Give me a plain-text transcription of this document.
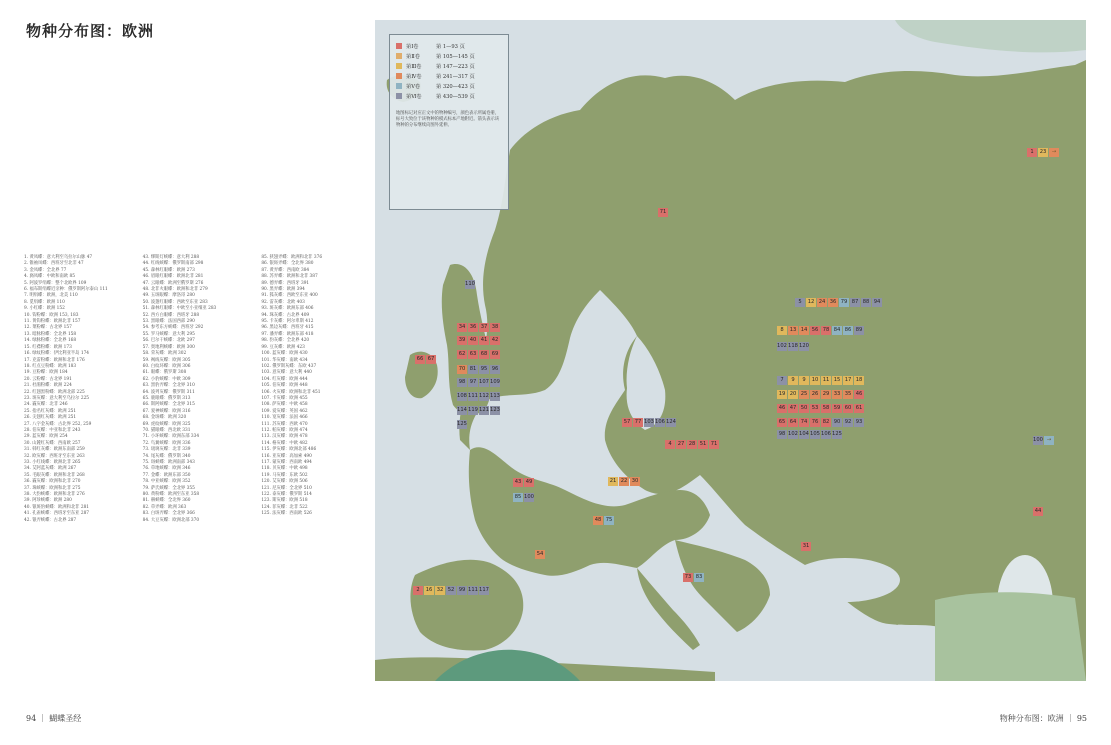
物种分布图：欧洲
1. 黄凤蝶：意大利至乌拉尔山脉 47
2. 锥袖凤蝶：西班牙至北非 47
3. 金凤蝶：全北界 77
4. 旖凤蝶：中欧和南欧 85
5. 阿波罗绢蝶：整个北欧界 109
6. 福布斯绢蝶近亲种：俄罗斯阿尔泰山 111
7. 明绢蝶：欧洲，北美 110
8. 觅绢蝶：欧洲 110
9. 小红蝶：欧洲 152
10. 钩粉蝶：欧洲 153, 183
11. 黄钩粉蝶：欧洲北非 157
12. 菜粉蝶：古北界 157
13. 暗脉粉蝶：全北界 158
14. 绿脉粉蝶：全北界 168
15. 红襟粉蝶：欧洲 173
16. 绿纹粉蝶：伊比利亚半岛 174
17. 克雷粉蝶：欧洲和北非 176
18. 红点豆粉蝶：欧洲 183
19. 豆粉蝶：欧洲 184
20. 云粉蝶：古北界 191
21. 杜鹃粉蝶：欧洲 224
22. 红翅黑粉蝶：欧洲北部 225
23. 斑灰蝶：意大利至乌拉尔 225
24. 霾灰蝶：北非 246
25. 指名红灰蝶：欧洲 251
26. 尖翅红灰蝶：欧洲 251
27. 八字金灰蝶：古北界 252, 259
28. 伯灰蝶：中亚和北非 243
29. 蓝灰蝶：欧洲 254
30. 山麓红灰蝶：西南欧 257
31. 韩红灰蝶：欧洲东南部 259
32. 欧灰蝶：西班牙至东亚 263
33. 小红线蝶：欧洲北非 265
34. 艾阿蓝灰蝶：欧洲 267
35. 毛眼灰蝶：欧洲和北非 268
36. 霾灰蝶：欧洲和北非 270
37. 珠蛱蝶：欧洲和北非 275
38. 大豹蛱蝶：欧洲和北非 276
39. 阿珍蛱蝶：欧洲 280
40. 银斑豹蛱蝶：欧洲和北非 281
41. 孔雀蛱蝶：西班牙至东亚 287
42. 银弄蛱蝶：古北界 287
43. 缪斯灯蛱蝶：意大利 288
44. 红线蛱蝶：俄罗斯南部 298
45. 森林红眼蝶：欧洲 273
46. 眉眼红眼蝶：欧洲北非 281
47. 云眼蝶：欧洲至俄罗斯 276
48. 北非火眼蝶：欧洲和北非 279
49. 五斑眼蝶：摩洛哥 280
50. 波翅红眼蝶：西欧至东亚 283
51. 森林红眼蝶：中欧至小亚细亚 283
52. 西方白眼蝶：西班牙 288
53. 黑眼蝶：法国西部 290
54. 参考东方蛱蝶：西班牙 292
55. 罗马蛱蝶：意大利 295
56. 巴尔干蛱蝶：北欧 297
57. 奥地利蛱蝶：欧洲 300
58. 荣灰蝶：欧洲 302
59. 褐线灰蝶：欧洲 305
60. 白纹环蝶：欧洲 306
61. 眼蝶：俄罗斯 308
62. 小豹蛱蝶：中欧 309
63. 黑豹弄蝶：全北界 310
64. 波列灰蝶：俄罗斯 311
65. 鹿眼蝶：俄罗斯 313
66. 斯阿蛱蝶：全北界 315
67. 爱神蛱蝶：欧洲 316
68. 金斑蝶：欧洲 320
69. 虎纹蛱蝶：欧洲 325
70. 猫眼蝶：西北欧 331
71. 小环蛱蝶：欧洲东部 334
72. 鸟翼蛱蝶：欧洲 336
73. 琉璃灰蝶：北非 339
74. 尾灰蝶：俄罗斯 340
75. 斑蛱蝶：欧洲南部 343
76. 草地蛱蝶：欧洲 346
77. 金蝶：欧洲东部 350
78. 中亚蛱蝶：欧洲 352
79. 萨氏蛱蝶：全北界 355
80. 黄粉蝶：欧洲至东亚 358
81. 赫蛱蝶：全北界 360
82. 草弄蝶：欧洲 363
83. 白斑弄蝶：全北界 366
84. 大豆灰蝶：欧洲北部 370
85. 狭翅弄蝶：欧洲和北非 376
86. 银斑弄蝶：全北界 380
87. 黄弄蝶：西南欧 384
88. 苏弄蝶：欧洲和北非 387
89. 德弄蝶：西班牙 391
90. 黑弄蝶：欧洲 394
91. 狐灰蝶：西欧至东亚 400
92. 雷灰蝶：北欧 403
93. 斑灰蝶：欧洲东部 406
94. 珠灰蝶：古北界 409
95. 卡灰蝶：阿尔卑斯 412
96. 黑边灰蝶：西班牙 415
97. 潘弄蝶：欧洲东部 418
98. 豹灰蝶：全北界 420
99. 豆灰蝶：欧洲 423
100. 蓝灰蝶：欧洲 430
101. 华灰蝶：南欧 434
102. 俄罗斯灰蝶：东欧 437
103. 意灰蝶：意大利 440
104. 红灰蝶：欧洲 444
105. 伯灰蝶：欧洲 448
106. 火灰蝶：欧洲和北非 451
107. 卡灰蝶：欧洲 455
108. 萨灰蝶：中欧 458
109. 爱灰蝶：英国 462
110. 宽灰蝶：法国 466
111. 苏灰蝶：西欧 470
112. 帕灰蝶：欧洲 474
113. 汉灰蝶：欧洲 478
114. 格灰蝶：中欧 482
115. 伊灰蝶：欧洲北部 486
116. 亚灰蝶：高加索 490
117. 蒙灰蝶：西南欧 494
118. 贝灰蝶：中欧 498
119. 马灰蝶：东欧 502
120. 艾灰蝶：欧洲 506
121. 尼灰蝶：全北界 510
122. 泰灰蝶：俄罗斯 514
123. 斯灰蝶：欧洲 518
124. 菲灰蝶：北非 522
125. 法灰蝶：西南欧 526
第Ⅰ卷	第 1—93 页
第Ⅱ卷	第 105—145 页
第Ⅲ卷	第 147—223 页
第Ⅳ卷	第 241—317 页
第Ⅴ卷	第 320—423 页
第Ⅵ卷	第 430—539 页
地图标记对应正文中的物种编号，颜色表示所属卷册，标号大致位于该物种的模式标本产地附近。箭头表示该物种的分布继续向图外延伸。
1	23	→
71
110
5	12 24 36 79 87 88 94
8	13 14 56 78 84 86 89
102 118 120
34 36 37 38
39 40 41 42
62 63 68 69
70 81 95 96
98 97 107 109
108 111 112 113
114 119 121 123
125
66 67
7	9	9	10 11 15 17 18
19 20 25 26 29 33 35 46
46 47 50 53 58 59 60 61
65 64 74 76 82 90 92 93
98 102 104 105 106 125
57 77 103 106 124
4	27 28 51 71
43 49	21 22 30
85 100
48 75
54
31
44
100 →
73 83
2	16 32 52 99 111 117
94 ｜ 蝴蝶圣经	物种分布图：欧洲 ｜ 95
